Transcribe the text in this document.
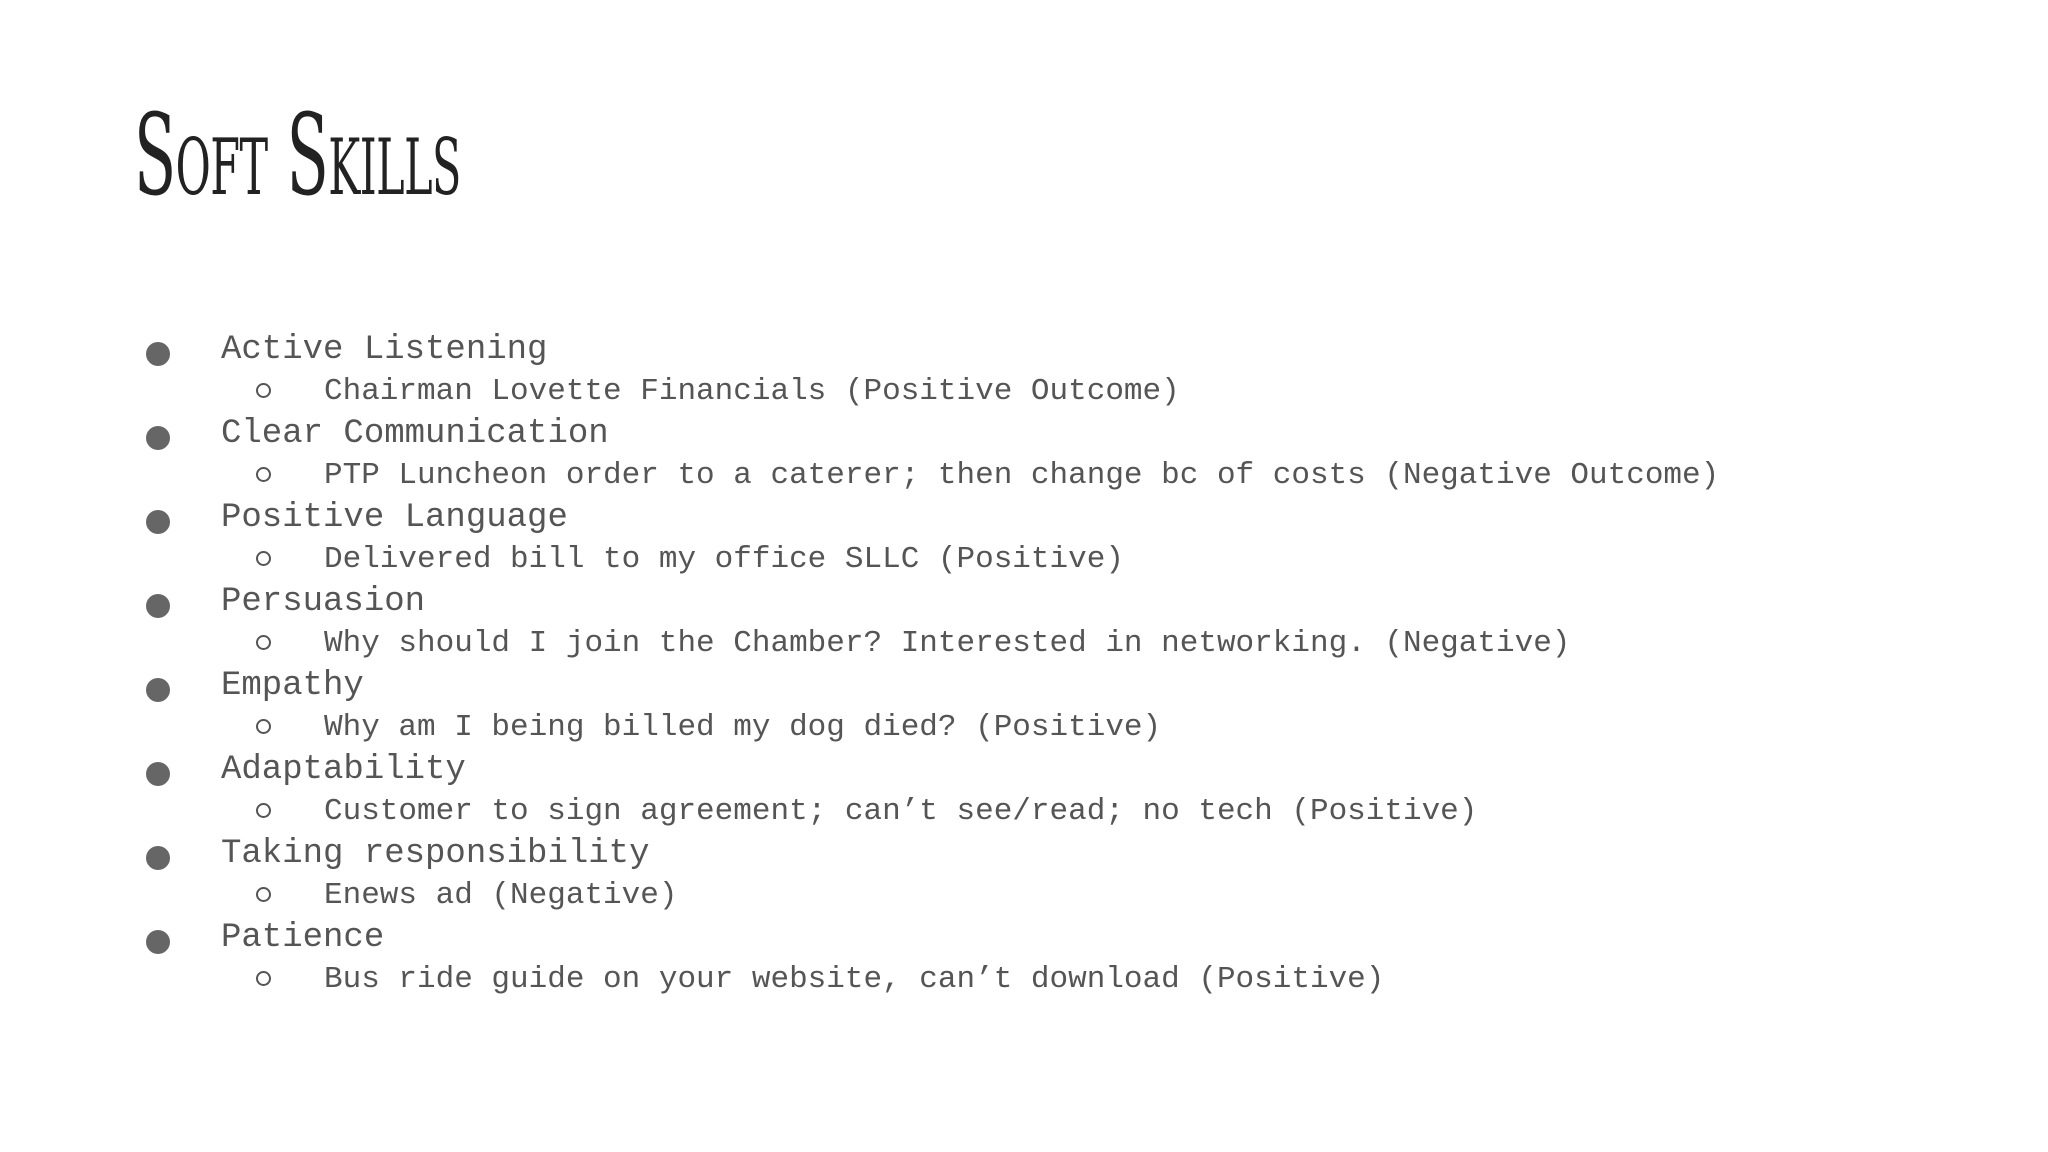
Soft Skills
Active Listening
Chairman Lovette Financials (Positive Outcome)
Clear Communication
PTP Luncheon order to a caterer; then change bc of costs (Negative Outcome)
Positive Language
Delivered bill to my office SLLC (Positive)
Persuasion
Why should I join the Chamber? Interested in networking. (Negative)
Empathy
Why am I being billed my dog died? (Positive)
Adaptability
Customer to sign agreement; can’t see/read; no tech (Positive)
Taking responsibility
Enews ad (Negative)
Patience
Bus ride guide on your website, can’t download (Positive)
